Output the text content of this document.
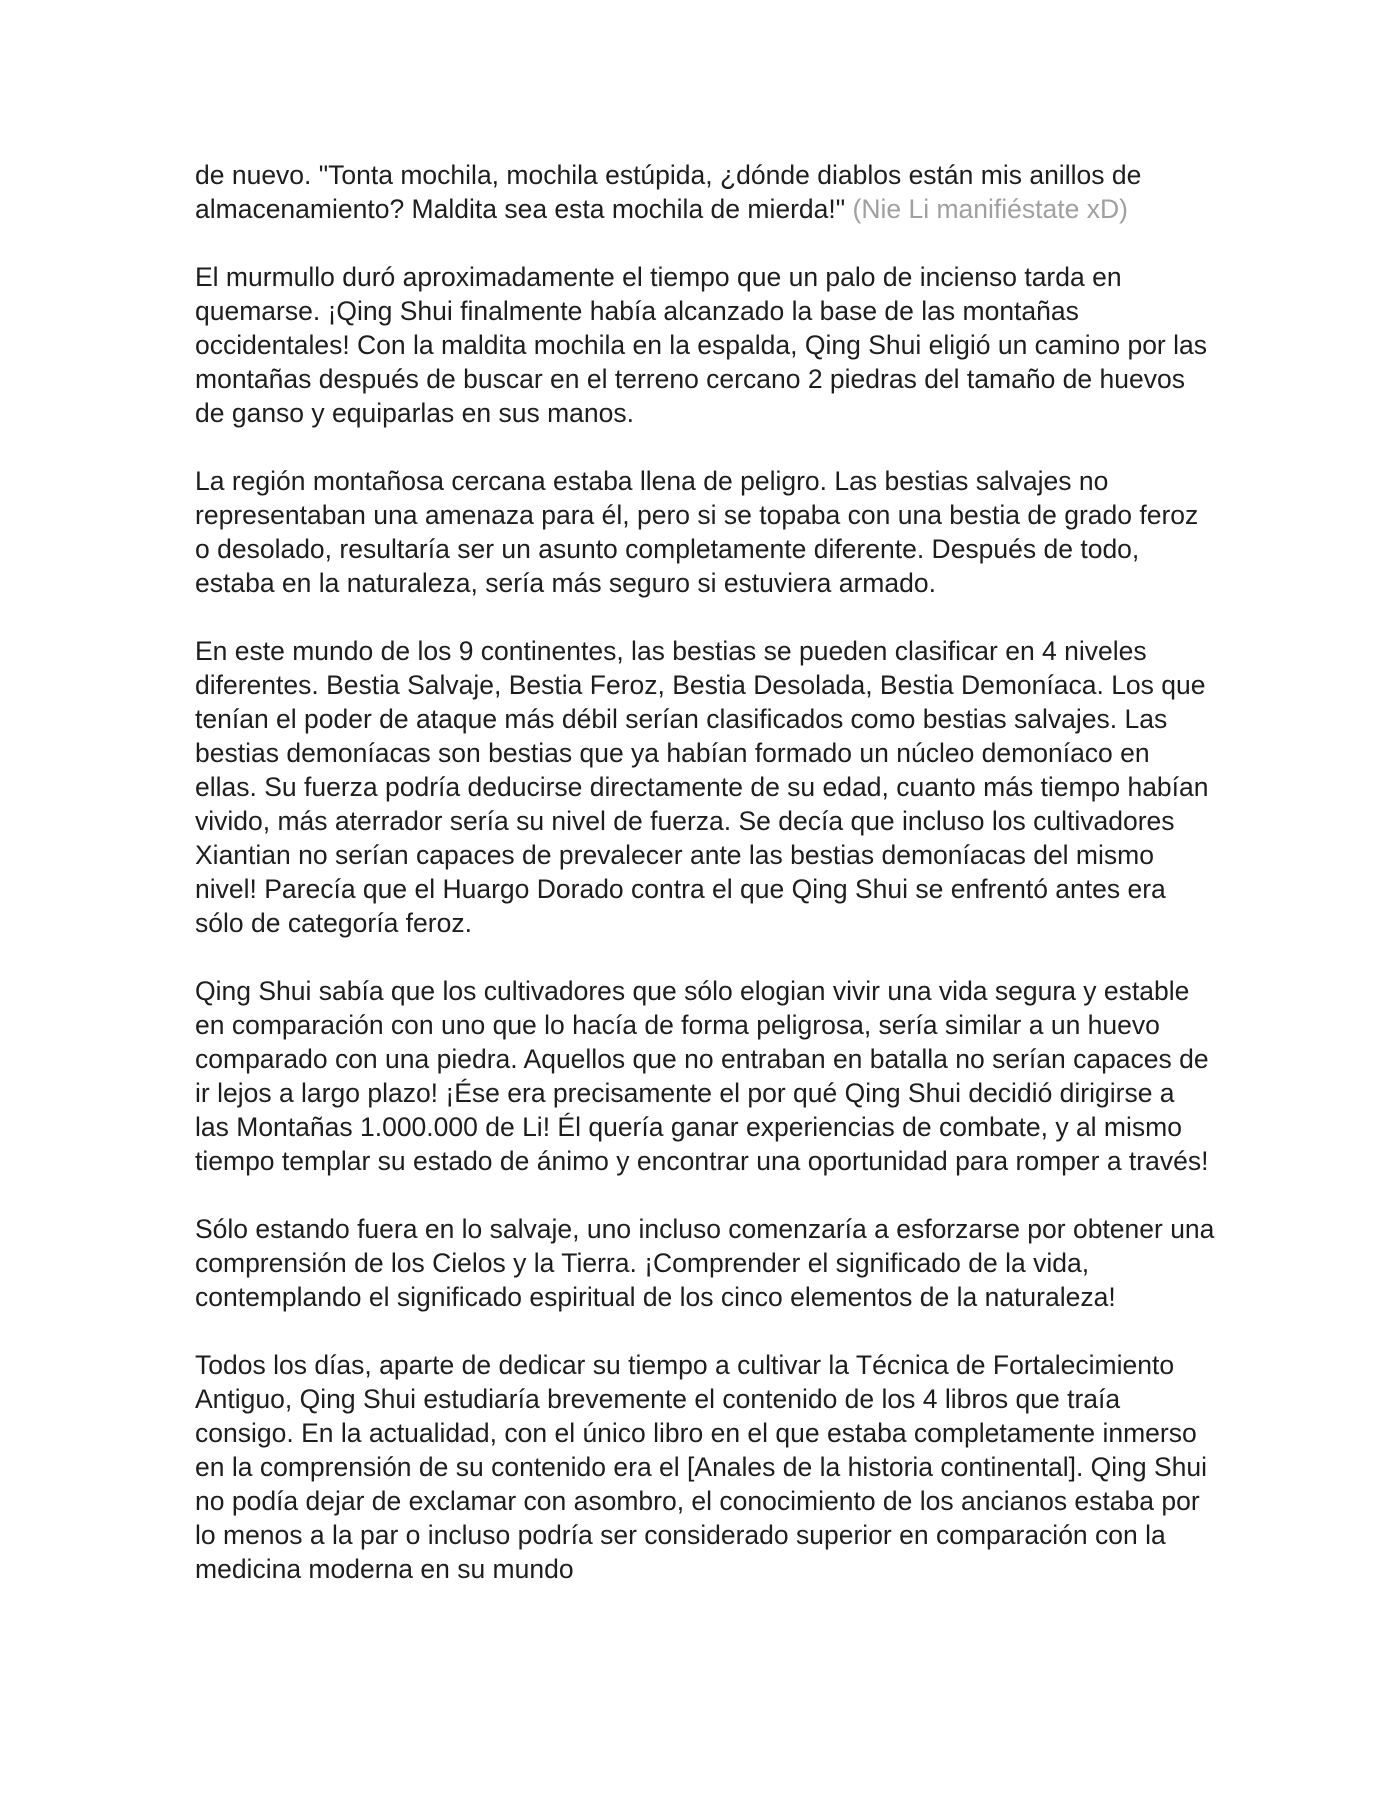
de nuevo. "Tonta mochila, mochila estúpida, ¿dónde diablos están mis anillos de almacenamiento? Maldita sea esta mochila de mierda!" (Nie Li manifiéstate xD)

El murmullo duró aproximadamente el tiempo que un palo de incienso tarda en quemarse. ¡Qing Shui finalmente había alcanzado la base de las montañas occidentales! Con la maldita mochila en la espalda, Qing Shui eligió un camino por las montañas después de buscar en el terreno cercano 2 piedras del tamaño de huevos de ganso y equiparlas en sus manos.

La región montañosa cercana estaba llena de peligro. Las bestias salvajes no representaban una amenaza para él, pero si se topaba con una bestia de grado feroz o desolado, resultaría ser un asunto completamente diferente. Después de todo, estaba en la naturaleza, sería más seguro si estuviera armado.

En este mundo de los 9 continentes, las bestias se pueden clasificar en 4 niveles diferentes. Bestia Salvaje, Bestia Feroz, Bestia Desolada, Bestia Demoníaca. Los que tenían el poder de ataque más débil serían clasificados como bestias salvajes. Las bestias demoníacas son bestias que ya habían formado un núcleo demoníaco en ellas. Su fuerza podría deducirse directamente de su edad, cuanto más tiempo habían vivido, más aterrador sería su nivel de fuerza. Se decía que incluso los cultivadores Xiantian no serían capaces de prevalecer ante las bestias demoníacas del mismo nivel! Parecía que el Huargo Dorado contra el que Qing Shui se enfrentó antes era sólo de categoría feroz.

Qing Shui sabía que los cultivadores que sólo elogian vivir una vida segura y estable en comparación con uno que lo hacía de forma peligrosa, sería similar a un huevo comparado con una piedra. Aquellos que no entraban en batalla no serían capaces de ir lejos a largo plazo! ¡Ése era precisamente el por qué Qing Shui decidió dirigirse a las Montañas 1.000.000 de Li! Él quería ganar experiencias de combate, y al mismo tiempo templar su estado de ánimo y encontrar una oportunidad para romper a través!

Sólo estando fuera en lo salvaje, uno incluso comenzaría a esforzarse por obtener una comprensión de los Cielos y la Tierra. ¡Comprender el significado de la vida, contemplando el significado espiritual de los cinco elementos de la naturaleza!

Todos los días, aparte de dedicar su tiempo a cultivar la Técnica de Fortalecimiento Antiguo, Qing Shui estudiaría brevemente el contenido de los 4 libros que traía consigo. En la actualidad, con el único libro en el que estaba completamente inmerso en la comprensión de su contenido era el [Anales de la historia continental]. Qing Shui no podía dejar de exclamar con asombro, el conocimiento de los ancianos estaba por lo menos a la par o incluso podría ser considerado superior en comparación con la medicina moderna en su mundo
